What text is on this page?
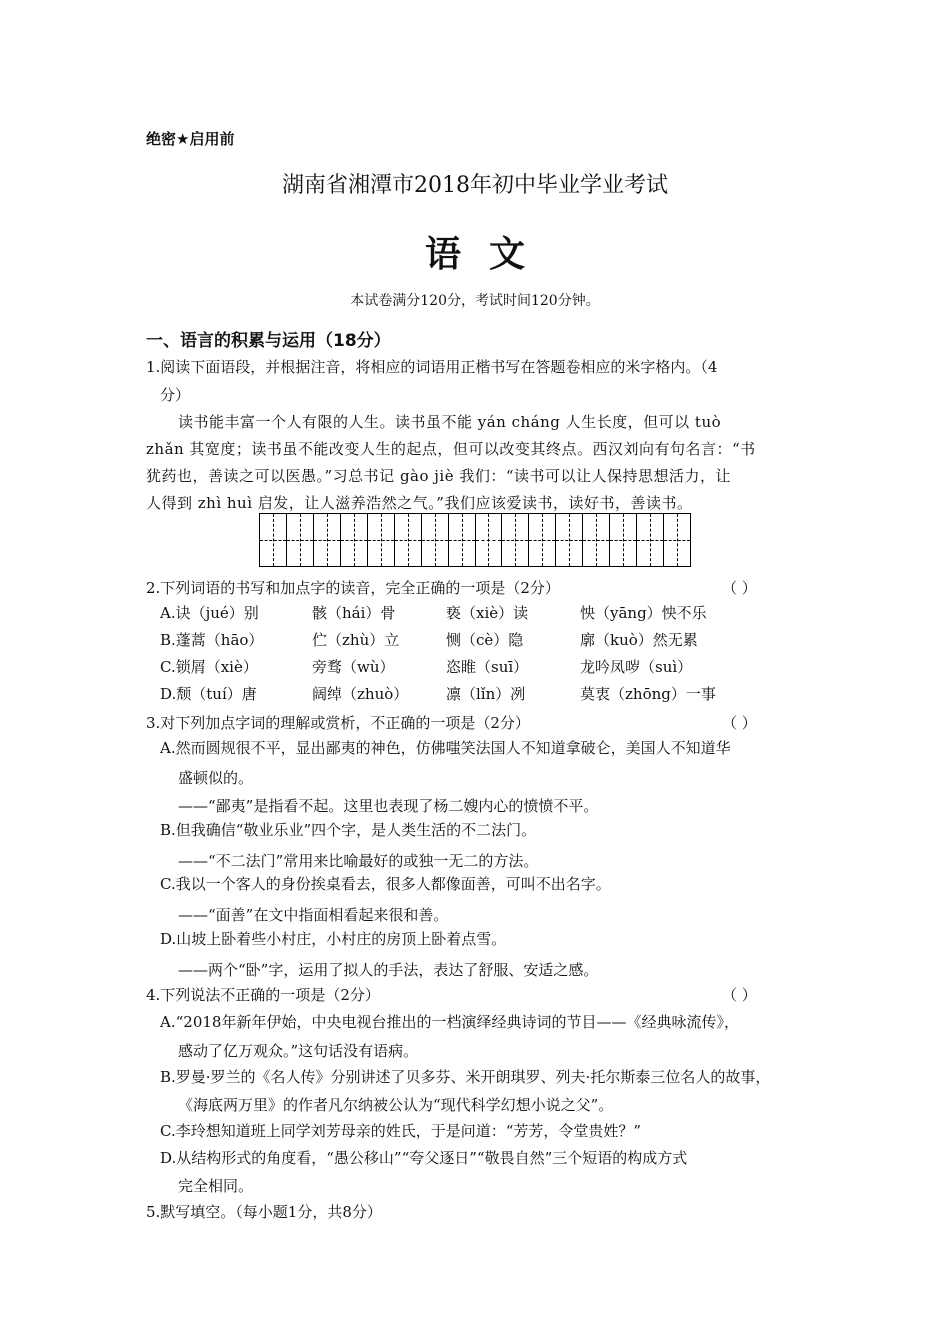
绝密★启用前
湖南省湘潭市2018年初中毕业学业考试
语文
本试卷满分120分，考试时间120分钟。
一、语言的积累与运用（18分）
1.阅读下面语段，并根据注音，将相应的词语用正楷书写在答题卷相应的米字格内。（4
分）
读书能丰富一个人有限的人生。读书虽不能 yán cháng 人生长度，但可以 tuò
zhǎn 其宽度；读书虽不能改变人生的起点，但可以改变其终点。西汉刘向有句名言：“书
犹药也，善读之可以医愚。”习总书记 gào jiè 我们：“读书可以让人保持思想活力，让
人得到 zhì huì 启发，让人滋养浩然之气。”我们应该爱读书，读好书，善读书。
2.下列词语的书写和加点字的读音，完全正确的一项是（2分）	（ ）
A.诀（jué）别	骸（hái）骨	亵（xiè）读	怏（yāng）怏不乐
B.蓬蒿（hāo）	伫（zhù）立	恻（cè）隐	廓（kuò）然无累
C.锁屑（xiè）	旁骛（wù）	恣睢（suī）	龙吟凤哕（suì）
D.颓（tuí）唐	阔绰（zhuò）	凛（lǐn）冽	莫衷（zhōng）一事
3.对下列加点字词的理解或赏析，不正确的一项是（2分）	（ ）
A.然而圆规很不平，显出鄙夷的神色，仿佛嗤笑法国人不知道拿破仑，美国人不知道华
盛顿似的。
——“鄙夷”是指看不起。这里也表现了杨二嫂内心的愤愤不平。
B.但我确信“敬业乐业”四个字，是人类生活的不二法门。
——“不二法门”常用来比喻最好的或独一无二的方法。
C.我以一个客人的身份挨桌看去，很多人都像面善，可叫不出名字。
——“面善”在文中指面相看起来很和善。
D.山坡上卧着些小村庄，小村庄的房顶上卧着点雪。
——两个“卧”字，运用了拟人的手法，表达了舒服、安适之感。
4.下列说法不正确的一项是（2分）	（ ）
A.“2018年新年伊始，中央电视台推出的一档演绎经典诗词的节目——《经典咏流传》，
感动了亿万观众。”这句话没有语病。
B.罗曼·罗兰的《名人传》分别讲述了贝多芬、米开朗琪罗、列夫·托尔斯泰三位名人的故事，
《海底两万里》的作者凡尔纳被公认为“现代科学幻想小说之父”。
C.李玲想知道班上同学刘芳母亲的姓氏，于是问道：“芳芳，令堂贵姓？”
D.从结构形式的角度看，“愚公移山”“夸父逐日”“敬畏自然”三个短语的构成方式
完全相同。
5.默写填空。（每小题1分，共8分）
